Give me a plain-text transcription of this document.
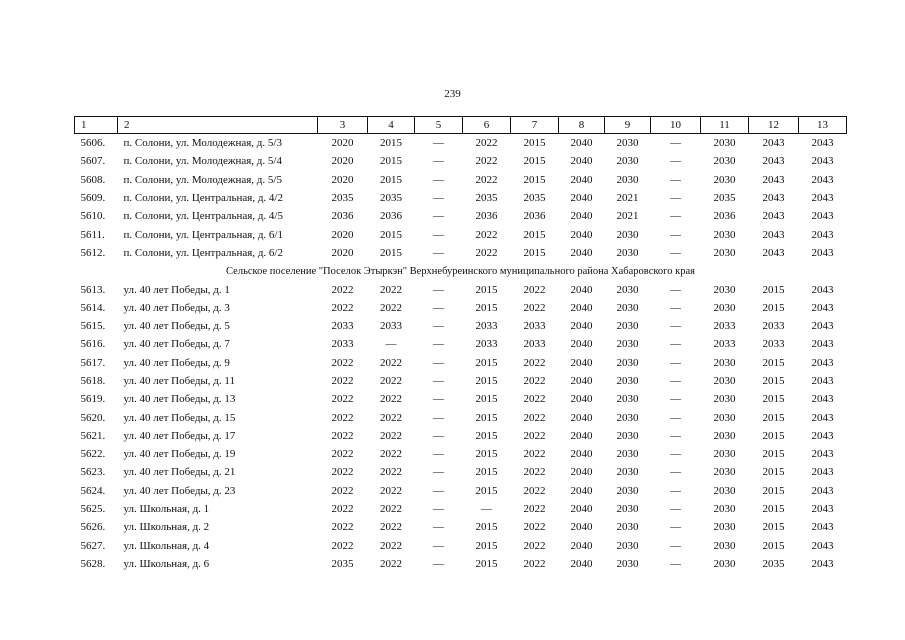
239
1	2	3	4	5	6	7	8	9	10	11	12	13
5606.	п. Солони, ул. Молодежная, д. 5/3	2020	2015	—	2022	2015	2040	2030	—	2030	2043	2043
5607.	п. Солони, ул. Молодежная, д. 5/4	2020	2015	—	2022	2015	2040	2030	—	2030	2043	2043
5608.	п. Солони, ул. Молодежная, д. 5/5	2020	2015	—	2022	2015	2040	2030	—	2030	2043	2043
5609.	п. Солони, ул. Центральная, д. 4/2	2035	2035	—	2035	2035	2040	2021	—	2035	2043	2043
5610.	п. Солони, ул. Центральная, д. 4/5	2036	2036	—	2036	2036	2040	2021	—	2036	2043	2043
5611.	п. Солони, ул. Центральная, д. 6/1	2020	2015	—	2022	2015	2040	2030	—	2030	2043	2043
5612.	п. Солони, ул. Центральная, д. 6/2	2020	2015	—	2022	2015	2040	2030	—	2030	2043	2043
Сельское поселение "Поселок Этыркэн" Верхнебуреинского муниципального района Хабаровского края												
5613.	ул. 40 лет Победы, д. 1	2022	2022	—	2015	2022	2040	2030	—	2030	2015	2043
5614.	ул. 40 лет Победы, д. 3	2022	2022	—	2015	2022	2040	2030	—	2030	2015	2043
5615.	ул. 40 лет Победы, д. 5	2033	2033	—	2033	2033	2040	2030	—	2033	2033	2043
5616.	ул. 40 лет Победы, д. 7	2033	—	—	2033	2033	2040	2030	—	2033	2033	2043
5617.	ул. 40 лет Победы, д. 9	2022	2022	—	2015	2022	2040	2030	—	2030	2015	2043
5618.	ул. 40 лет Победы, д. 11	2022	2022	—	2015	2022	2040	2030	—	2030	2015	2043
5619.	ул. 40 лет Победы, д. 13	2022	2022	—	2015	2022	2040	2030	—	2030	2015	2043
5620.	ул. 40 лет Победы, д. 15	2022	2022	—	2015	2022	2040	2030	—	2030	2015	2043
5621.	ул. 40 лет Победы, д. 17	2022	2022	—	2015	2022	2040	2030	—	2030	2015	2043
5622.	ул. 40 лет Победы, д. 19	2022	2022	—	2015	2022	2040	2030	—	2030	2015	2043
5623.	ул. 40 лет Победы, д. 21	2022	2022	—	2015	2022	2040	2030	—	2030	2015	2043
5624.	ул. 40 лет Победы, д. 23	2022	2022	—	2015	2022	2040	2030	—	2030	2015	2043
5625.	ул. Школьная, д. 1	2022	2022	—	—	2022	2040	2030	—	2030	2015	2043
5626.	ул. Школьная, д. 2	2022	2022	—	2015	2022	2040	2030	—	2030	2015	2043
5627.	ул. Школьная, д. 4	2022	2022	—	2015	2022	2040	2030	—	2030	2015	2043
5628.	ул. Школьная, д. 6	2035	2022	—	2015	2022	2040	2030	—	2030	2035	2043
